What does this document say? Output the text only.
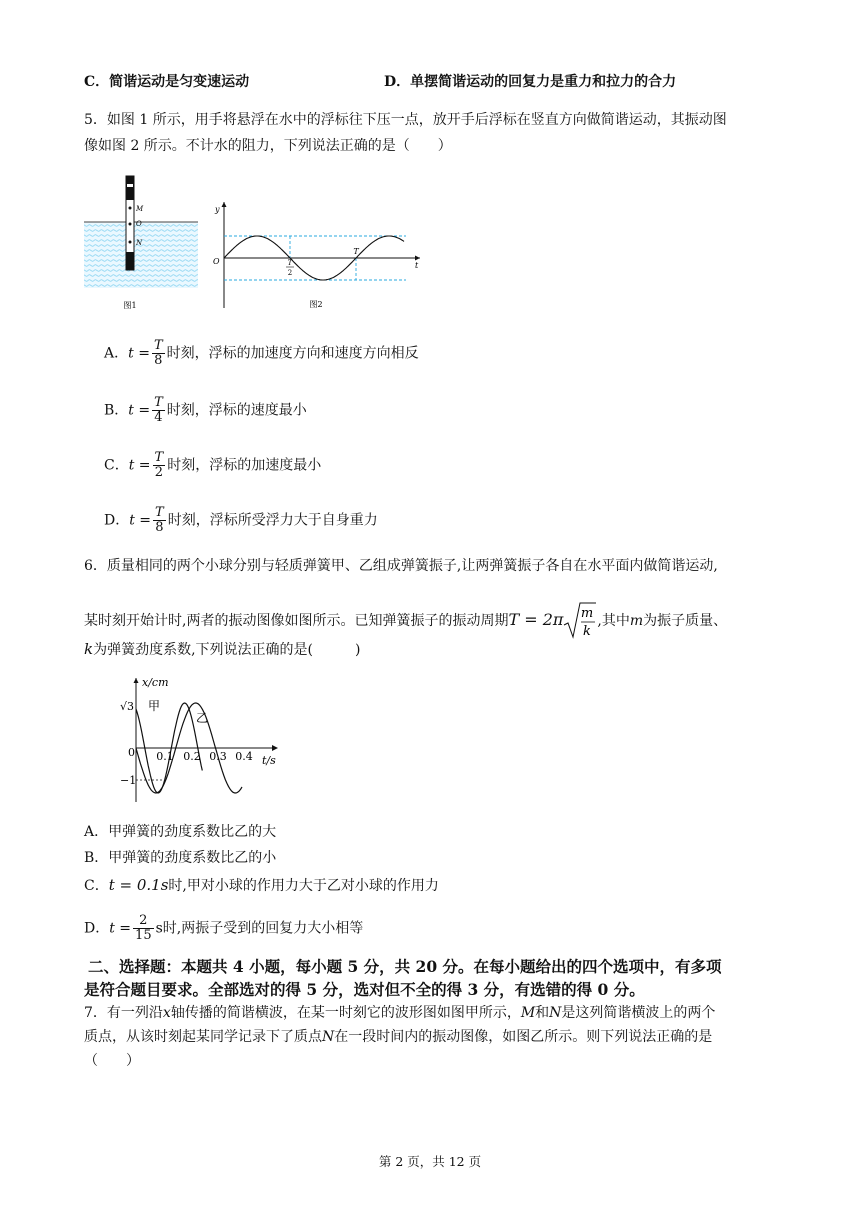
C．简谐运动是匀变速运动	D．单摆简谐运动的回复力是重力和拉力的合力
5．如图 1 所示，用手将悬浮在水中的浮标往下压一点，放开手后浮标在竖直方向做简谐运动，其振动图
像如图 2 所示。不计水的阻力，下列说法正确的是（　　）
M
O
N
图1
y
t
O	T
2
T
图2
A．$t = \frac{T}{8}$ 时刻，浮标的加速度方向和速度方向相反
B．$t = \frac{T}{4}$ 时刻，浮标的速度最小
C．$t = \frac{T}{2}$ 时刻，浮标的加速度最小
D．$t = \frac{T}{8}$ 时刻，浮标所受浮力大于自身重力
6．质量相同的两个小球分别与轻质弹簧甲、乙组成弹簧振子,让两弹簧振子各自在水平面内做简谐运动,
某时刻开始计时,两者的振动图像如图所示。已知弹簧振子的振动周期T = 2π m
k
,其中m为振子质量、
k为弹簧劲度系数,下列说法正确的是(　　　)
x/cm
√3
−1
0 0.1 0.2 0.3 0.4 t/s
甲
乙
A．甲弹簧的劲度系数比乙的大
B．甲弹簧的劲度系数比乙的小
C．t = 0.1s时,甲对小球的作用力大于乙对小球的作用力
D．$t = \frac{2}{15}$ s时,两振子受到的回复力大小相等
二、选择题：本题共 4 小题，每小题 5 分，共 20 分。在每小题给出的四个选项中，有多项
是符合题目要求。全部选对的得 5 分，选对但不全的得 3 分，有选错的得 0 分。
7．有一列沿x轴传播的简谐横波，在某一时刻它的波形图如图甲所示，M和N是这列简谐横波上的两个
质点，从该时刻起某同学记录下了质点N在一段时间内的振动图像，如图乙所示。则下列说法正确的是
（　　）
第 2 页，共 12 页
